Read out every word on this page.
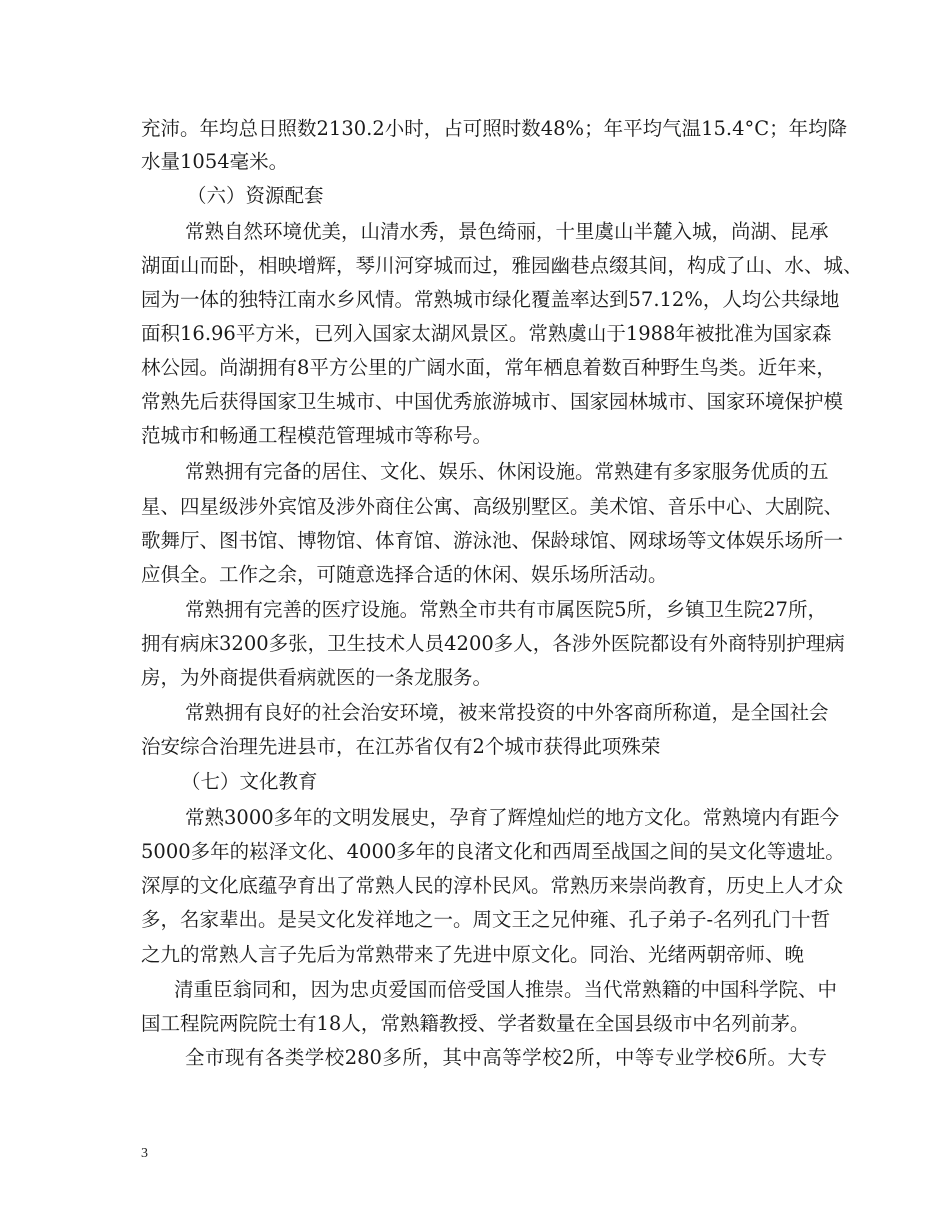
充沛。年均总日照数2130.2小时，占可照时数48%；年平均气温15.4°C；年均降
水量1054毫米。
（六）资源配套
常熟自然环境优美，山清水秀，景色绮丽，十里虞山半麓入城，尚湖、昆承
湖面山而卧，相映增辉，琴川河穿城而过，雅园幽巷点缀其间，构成了山、水、城、
园为一体的独特江南水乡风情。常熟城市绿化覆盖率达到57.12%，人均公共绿地
面积16.96平方米，已列入国家太湖风景区。常熟虞山于1988年被批准为国家森
林公园。尚湖拥有8平方公里的广阔水面，常年栖息着数百种野生鸟类。近年来，
常熟先后获得国家卫生城市、中国优秀旅游城市、国家园林城市、国家环境保护模
范城市和畅通工程模范管理城市等称号。
常熟拥有完备的居住、文化、娱乐、休闲设施。常熟建有多家服务优质的五
星、四星级涉外宾馆及涉外商住公寓、高级别墅区。美术馆、音乐中心、大剧院、
歌舞厅、图书馆、博物馆、体育馆、游泳池、保龄球馆、网球场等文体娱乐场所一
应俱全。工作之余，可随意选择合适的休闲、娱乐场所活动。
常熟拥有完善的医疗设施。常熟全市共有市属医院5所，乡镇卫生院27所，
拥有病床3200多张，卫生技术人员4200多人，各涉外医院都设有外商特别护理病
房，为外商提供看病就医的一条龙服务。
常熟拥有良好的社会治安环境，被来常投资的中外客商所称道，是全国社会
治安综合治理先进县市，在江苏省仅有2个城市获得此项殊荣
（七）文化教育
常熟3000多年的文明发展史，孕育了辉煌灿烂的地方文化。常熟境内有距今
5000多年的崧泽文化、4000多年的良渚文化和西周至战国之间的吴文化等遗址。
深厚的文化底蕴孕育出了常熟人民的淳朴民风。常熟历来崇尚教育，历史上人才众
多，名家辈出。是吴文化发祥地之一。周文王之兄仲雍、孔子弟子-名列孔门十哲
之九的常熟人言子先后为常熟带来了先进中原文化。同治、光绪两朝帝师、晚
清重臣翁同和，因为忠贞爱国而倍受国人推崇。当代常熟籍的中国科学院、中
国工程院两院院士有18人，常熟籍教授、学者数量在全国县级市中名列前茅。
全市现有各类学校280多所，其中高等学校2所，中等专业学校6所。大专
3
